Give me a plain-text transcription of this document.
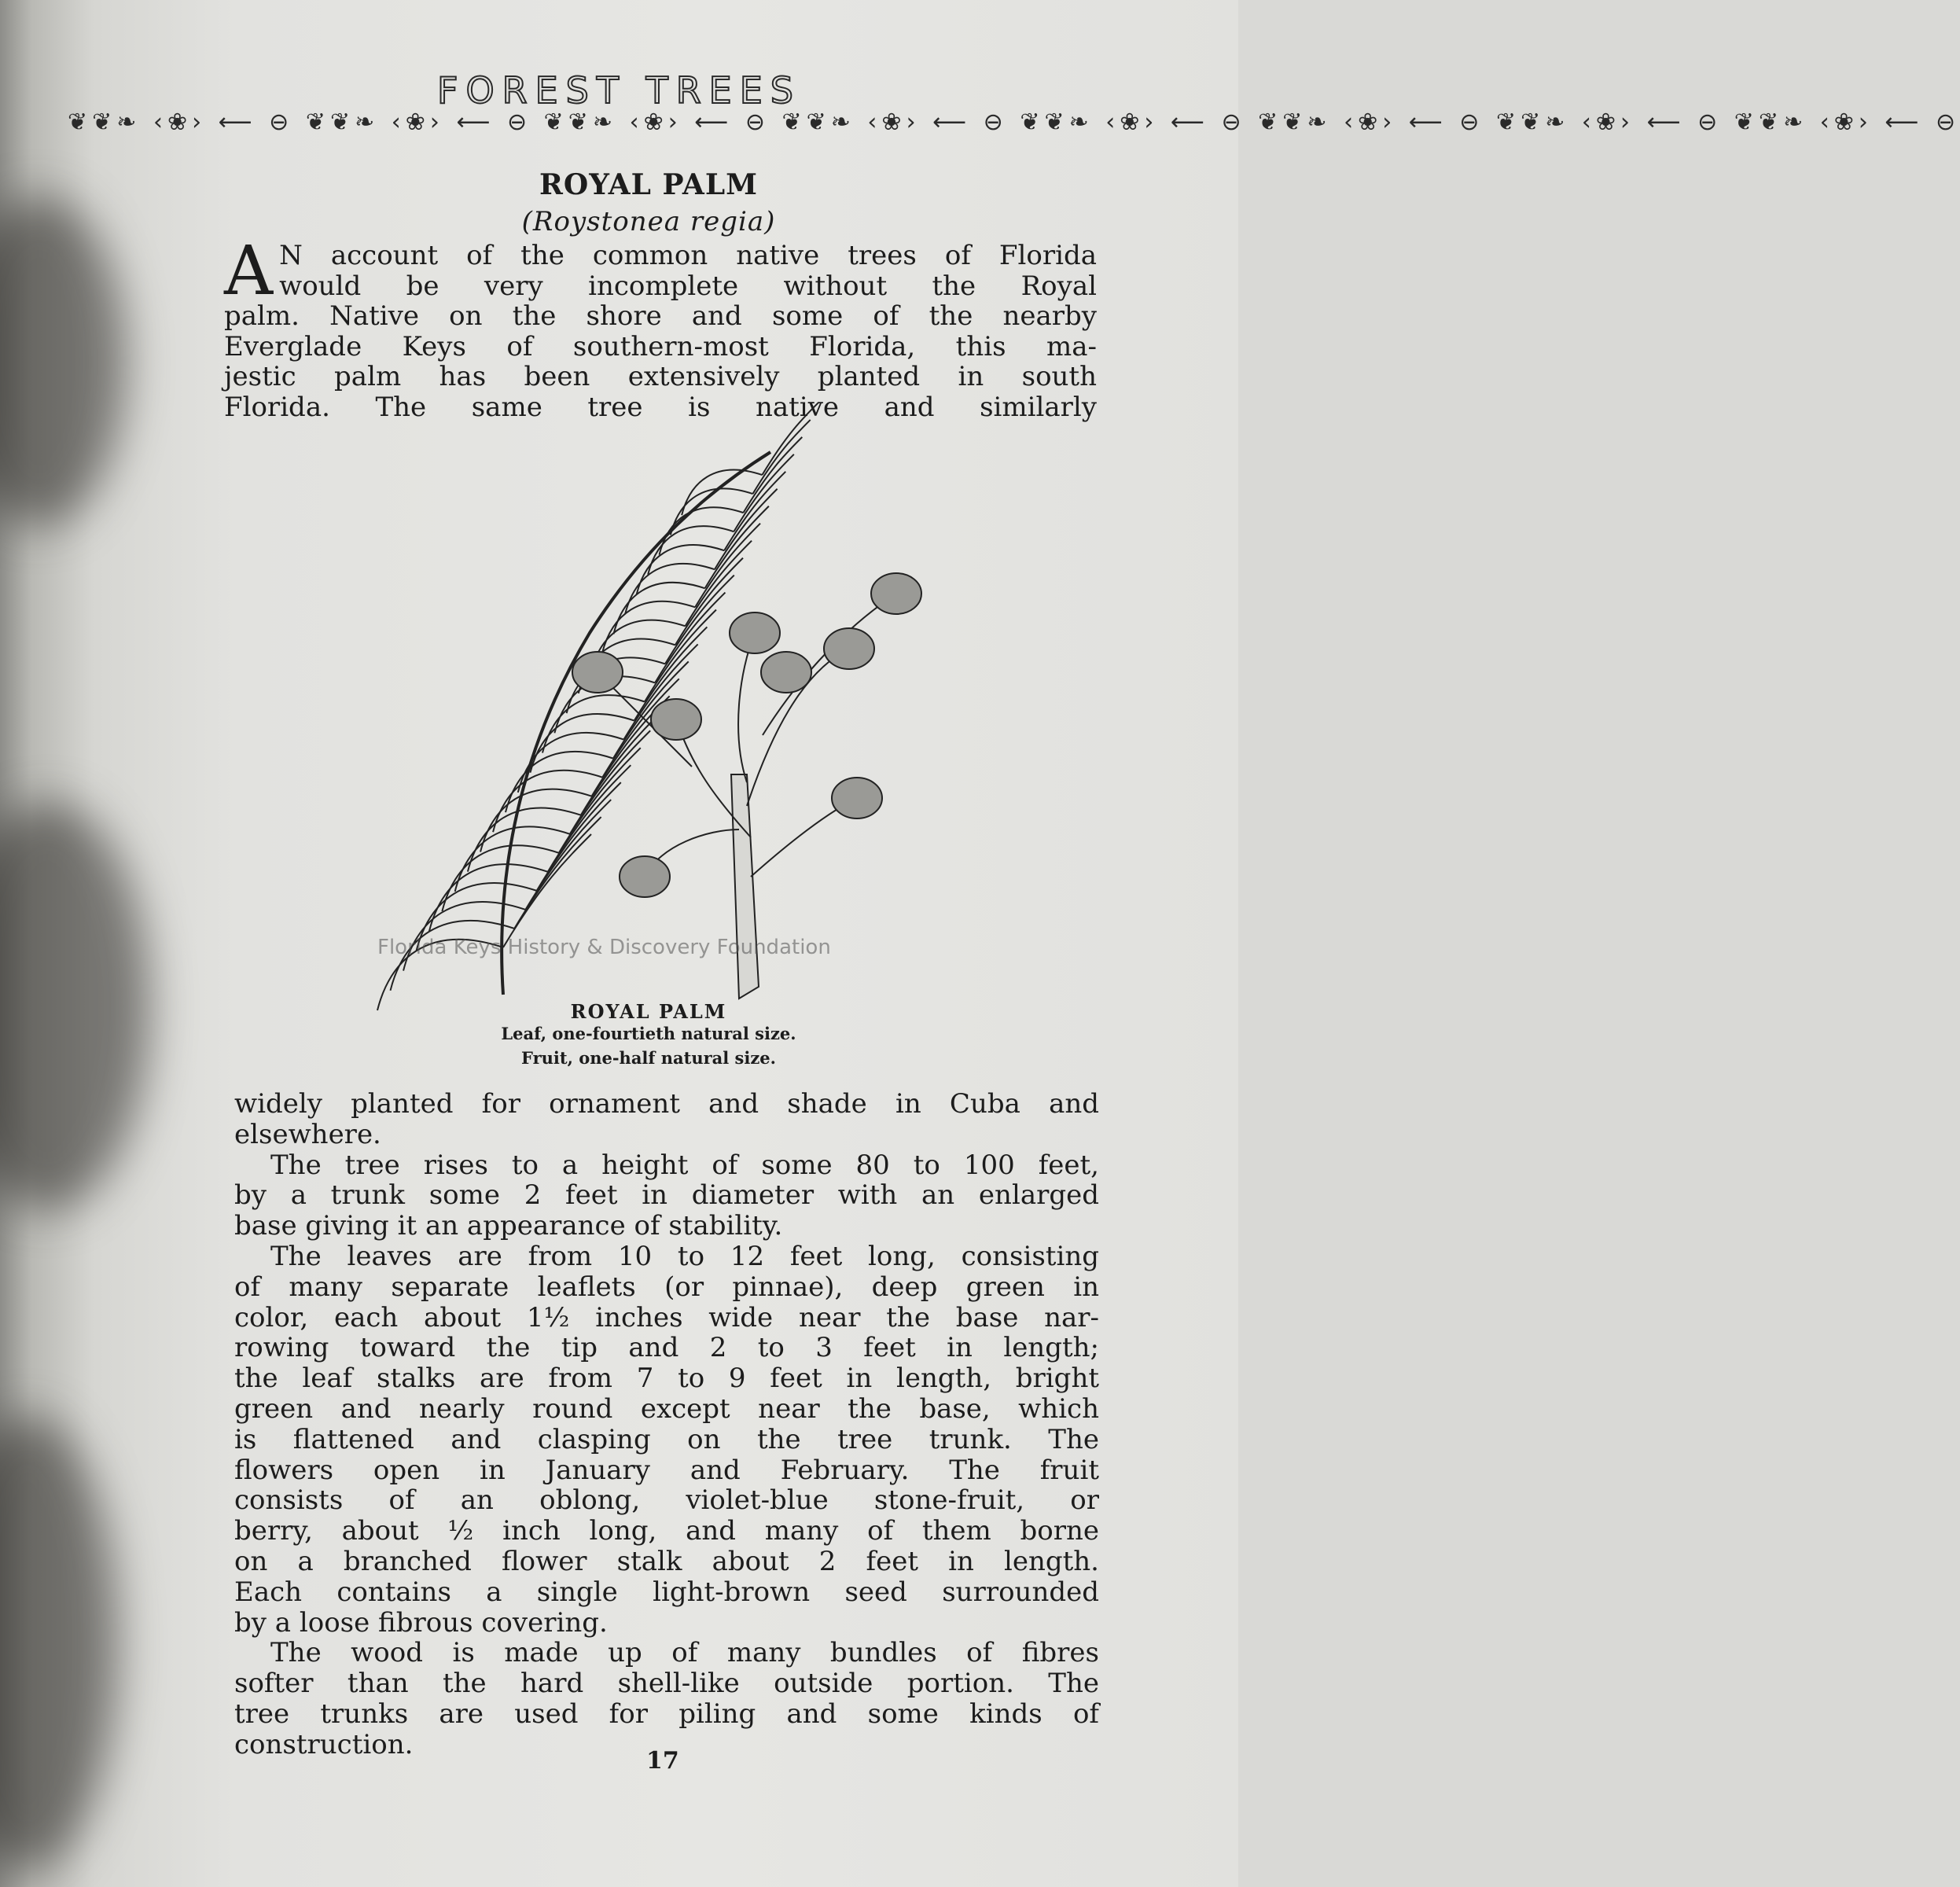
FOREST TREES
❦❦❧ ‹❀› ⟵ ⊖ ❦❦❧ ‹❀› ⟵ ⊖ ❦❦❧ ‹❀› ⟵ ⊖ ❦❦❧ ‹❀› ⟵ ⊖ ❦❦❧ ‹❀› ⟵ ⊖ ❦❦❧ ‹❀› ⟵ ⊖ ❦❦❧ ‹❀› ⟵ ⊖ ❦❦❧ ‹❀› ⟵ ⊖
ROYAL PALM
(Roystonea regia)
A N account of the common native trees of Florida
would be very incomplete without the Royal
palm. Native on the shore and some of the nearby
Everglade Keys of southern-most Florida, this ma-
jestic palm has been extensively planted in south
Florida. The same tree is native and similarly
Florida Keys History & Discovery Foundation
ROYAL PALM
Leaf, one-fourtieth natural size.
Fruit, one-half natural size.
widely planted for ornament and shade in Cuba and
elsewhere.
The tree rises to a height of some 80 to 100 feet,
by a trunk some 2 feet in diameter with an enlarged
base giving it an appearance of stability.
The leaves are from 10 to 12 feet long, consisting
of many separate leaflets (or pinnae), deep green in
color, each about 1½ inches wide near the base nar-
rowing toward the tip and 2 to 3 feet in length;
the leaf stalks are from 7 to 9 feet in length, bright
green and nearly round except near the base, which
is flattened and clasping on the tree trunk. The
flowers open in January and February. The fruit
consists of an oblong, violet-blue stone-fruit, or
berry, about ½ inch long, and many of them borne
on a branched flower stalk about 2 feet in length.
Each contains a single light-brown seed surrounded
by a loose fibrous covering.
The wood is made up of many bundles of fibres
softer than the hard shell-like outside portion. The
tree trunks are used for piling and some kinds of
construction.
17
